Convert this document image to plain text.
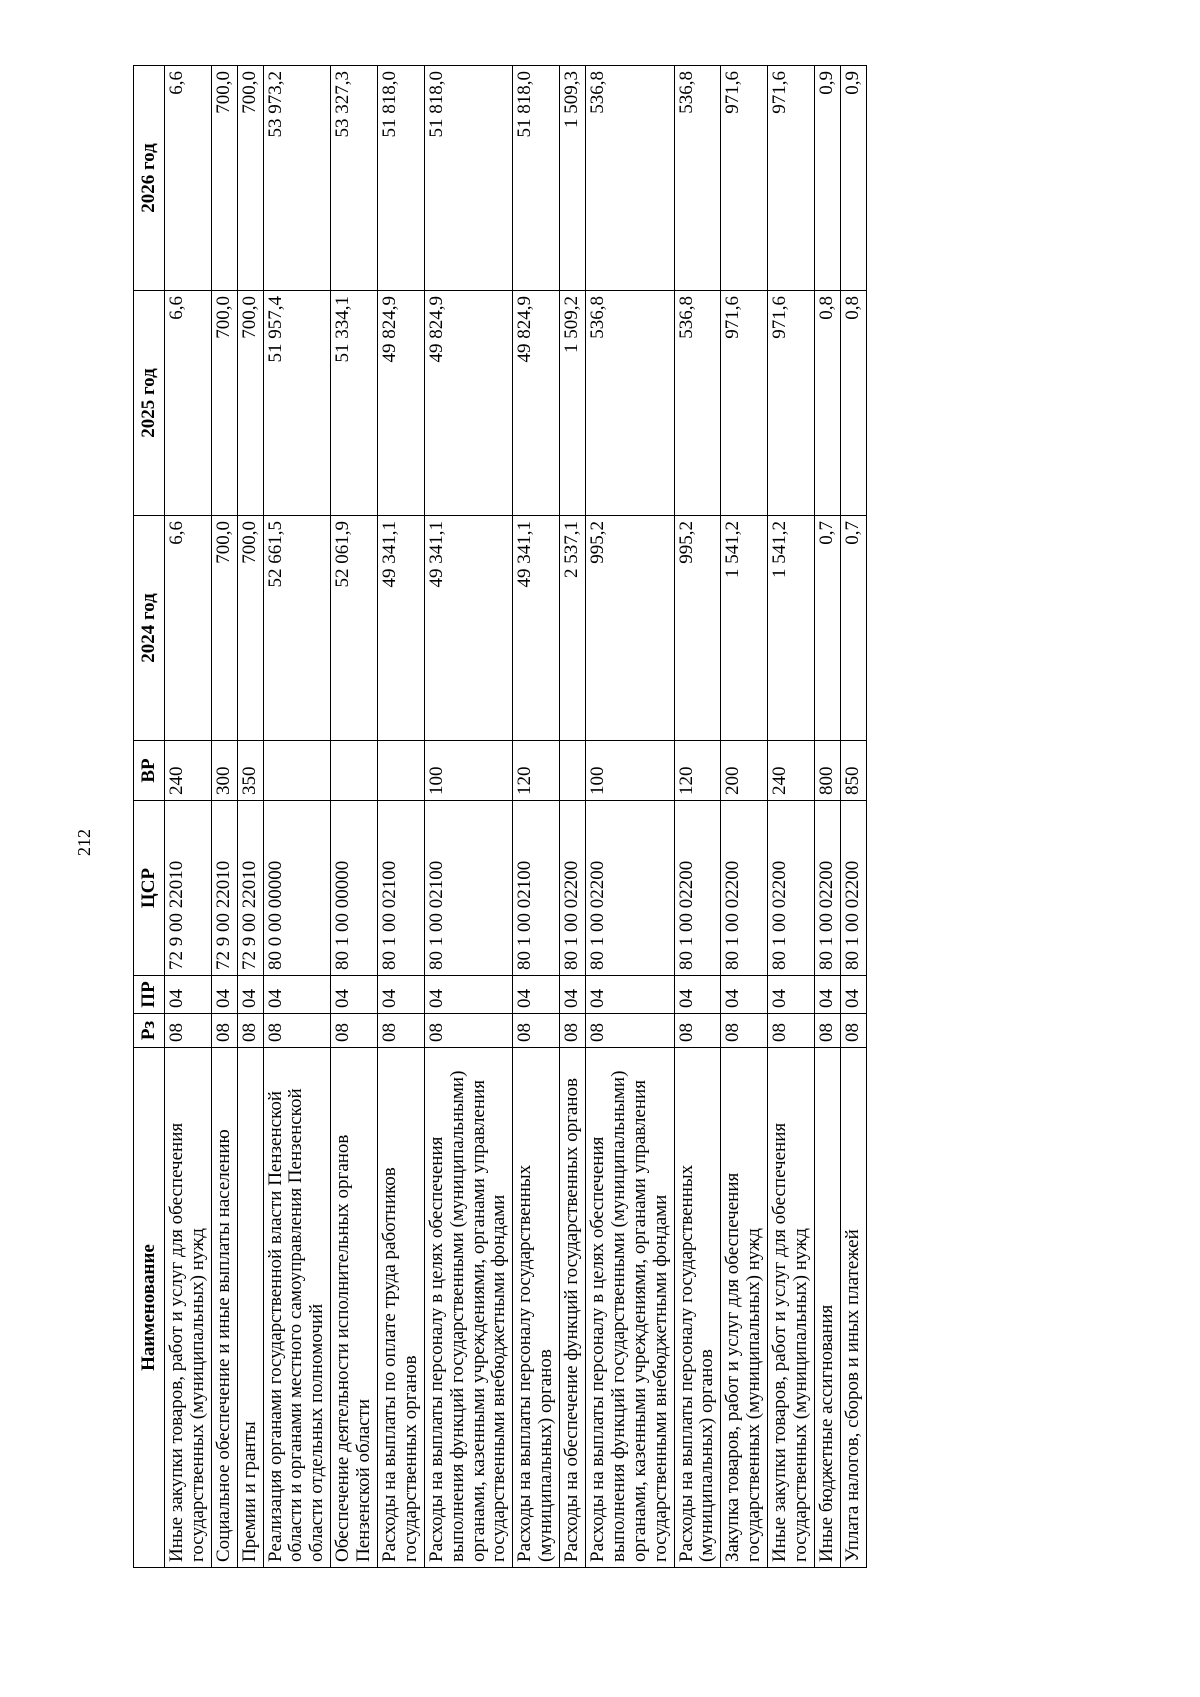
212
Наименование	Рз	ПР	ЦСР	ВР	2024 год	2025 год	2026 год
Иные закупки товаров, работ и услуг для обеспечения государственных (муниципальных) нужд	08	04	72 9 00 22010	240	6,6	6,6	6,6
Социальное обеспечение и иные выплаты населению	08	04	72 9 00 22010	300	700,0	700,0	700,0
Премии и гранты	08	04	72 9 00 22010	350	700,0	700,0	700,0
Реализация органами государственной власти Пензенской области и органами местного самоуправления Пензенской области отдельных полномочий	08	04	80 0 00 00000		52 661,5	51 957,4	53 973,2
Обеспечение деятельности исполнительных органов Пензенской области	08	04	80 1 00 00000		52 061,9	51 334,1	53 327,3
Расходы на выплаты по оплате труда работников государственных органов	08	04	80 1 00 02100		49 341,1	49 824,9	51 818,0
Расходы на выплаты персоналу в целях обеспечения выполнения функций государственными (муниципальными) органами, казенными учреждениями, органами управления государственными внебюджетными фондами	08	04	80 1 00 02100	100	49 341,1	49 824,9	51 818,0
Расходы на выплаты персоналу государственных (муниципальных) органов	08	04	80 1 00 02100	120	49 341,1	49 824,9	51 818,0
Расходы на обеспечение функций государственных органов	08	04	80 1 00 02200		2 537,1	1 509,2	1 509,3
Расходы на выплаты персоналу в целях обеспечения выполнения функций государственными (муниципальными) органами, казенными учреждениями, органами управления государственными внебюджетными фондами	08	04	80 1 00 02200	100	995,2	536,8	536,8
Расходы на выплаты персоналу государственных (муниципальных) органов	08	04	80 1 00 02200	120	995,2	536,8	536,8
Закупка товаров, работ и услуг для обеспечения государственных (муниципальных) нужд	08	04	80 1 00 02200	200	1 541,2	971,6	971,6
Иные закупки товаров, работ и услуг для обеспечения государственных (муниципальных) нужд	08	04	80 1 00 02200	240	1 541,2	971,6	971,6
Иные бюджетные ассигнования	08	04	80 1 00 02200	800	0,7	0,8	0,9
Уплата налогов, сборов и иных платежей	08	04	80 1 00 02200	850	0,7	0,8	0,9
